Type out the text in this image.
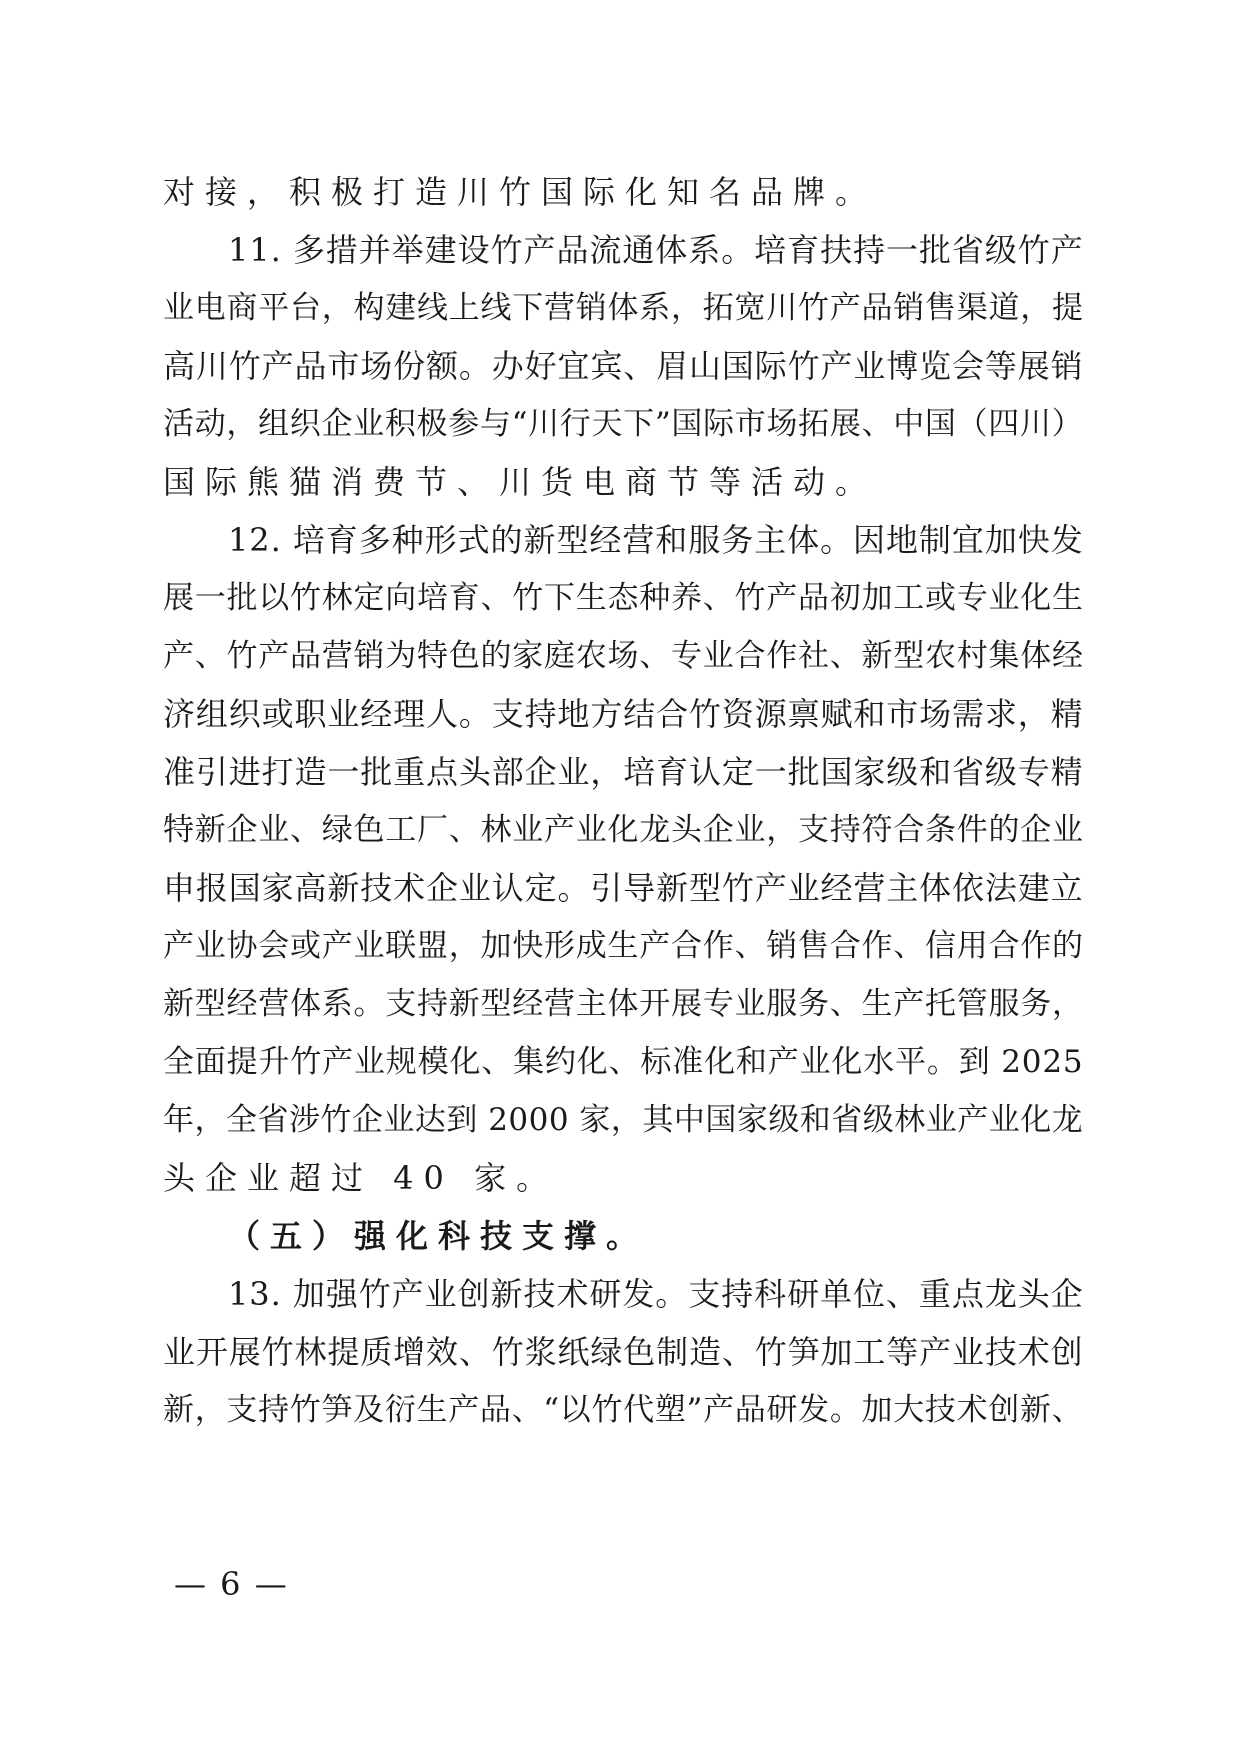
对接，积极打造川竹国际化知名品牌。
1 1 .
多 措 并 举 建 设 竹 产 品 流 通 体 系 。 培 育 扶 持 一 批 省 级 竹 产
业 电 商 平 台 ， 构 建 线 上 线 下 营 销 体 系 ， 拓 宽 川 竹 产 品 销 售 渠 道 ， 提
高 川 竹 产 品 市 场 份 额 。 办 好 宜 宾 、 眉 山 国 际 竹 产 业 博 览 会 等 展 销
活 动 ， 组 织 企 业 积 极 参 与 “ 川 行 天 下 ” 国 际 市 场 拓 展 、 中 国 （ 四 川 ）
国际熊猫消费节、川货电商节等活动。
1 2 .
培 育 多 种 形 式 的 新 型 经 营 和 服 务 主 体 。 因 地 制 宜 加 快 发
展 一 批 以 竹 林 定 向 培 育 、 竹 下 生 态 种 养 、 竹 产 品 初 加 工 或 专 业 化 生
产 、 竹 产 品 营 销 为 特 色 的 家 庭 农 场 、 专 业 合 作 社 、 新 型 农 村 集 体 经
济 组 织 或 职 业 经 理 人 。 支 持 地 方 结 合 竹 资 源 禀 赋 和 市 场 需 求 ， 精
准 引 进 打 造 一 批 重 点 头 部 企 业 ， 培 育 认 定 一 批 国 家 级 和 省 级 专 精
特 新 企 业 、 绿 色 工 厂 、 林 业 产 业 化 龙 头 企 业 ， 支 持 符 合 条 件 的 企 业
申 报 国 家 高 新 技 术 企 业 认 定 。 引 导 新 型 竹 产 业 经 营 主 体 依 法 建 立
产 业 协 会 或 产 业 联 盟 ， 加 快 形 成 生 产 合 作 、 销 售 合 作 、 信 用 合 作 的
新 型 经 营 体 系 。 支 持 新 型 经 营 主 体 开 展 专 业 服 务 、 生 产 托 管 服 务 ，
全 面 提 升 竹 产 业 规 模 化 、 集 约 化 、 标 准 化 和 产 业 化 水 平 。 到
2 0 2 5
年 ， 全 省 涉 竹 企 业 达 到
2 0 0 0
家 ， 其 中 国 家 级 和 省 级 林 业 产 业 化 龙
头企业超过 40 家。
（五）强化科技支撑。
1 3 .
加 强 竹 产 业 创 新 技 术 研 发 。 支 持 科 研 单 位 、 重 点 龙 头 企
业 开 展 竹 林 提 质 增 效 、 竹 浆 纸 绿 色 制 造 、 竹 笋 加 工 等 产 业 技 术 创
新 ， 支 持 竹 笋 及 衍 生 产 品 、 “ 以 竹 代 塑 ” 产 品 研 发 。 加 大 技 术 创 新 、
— 6 —
